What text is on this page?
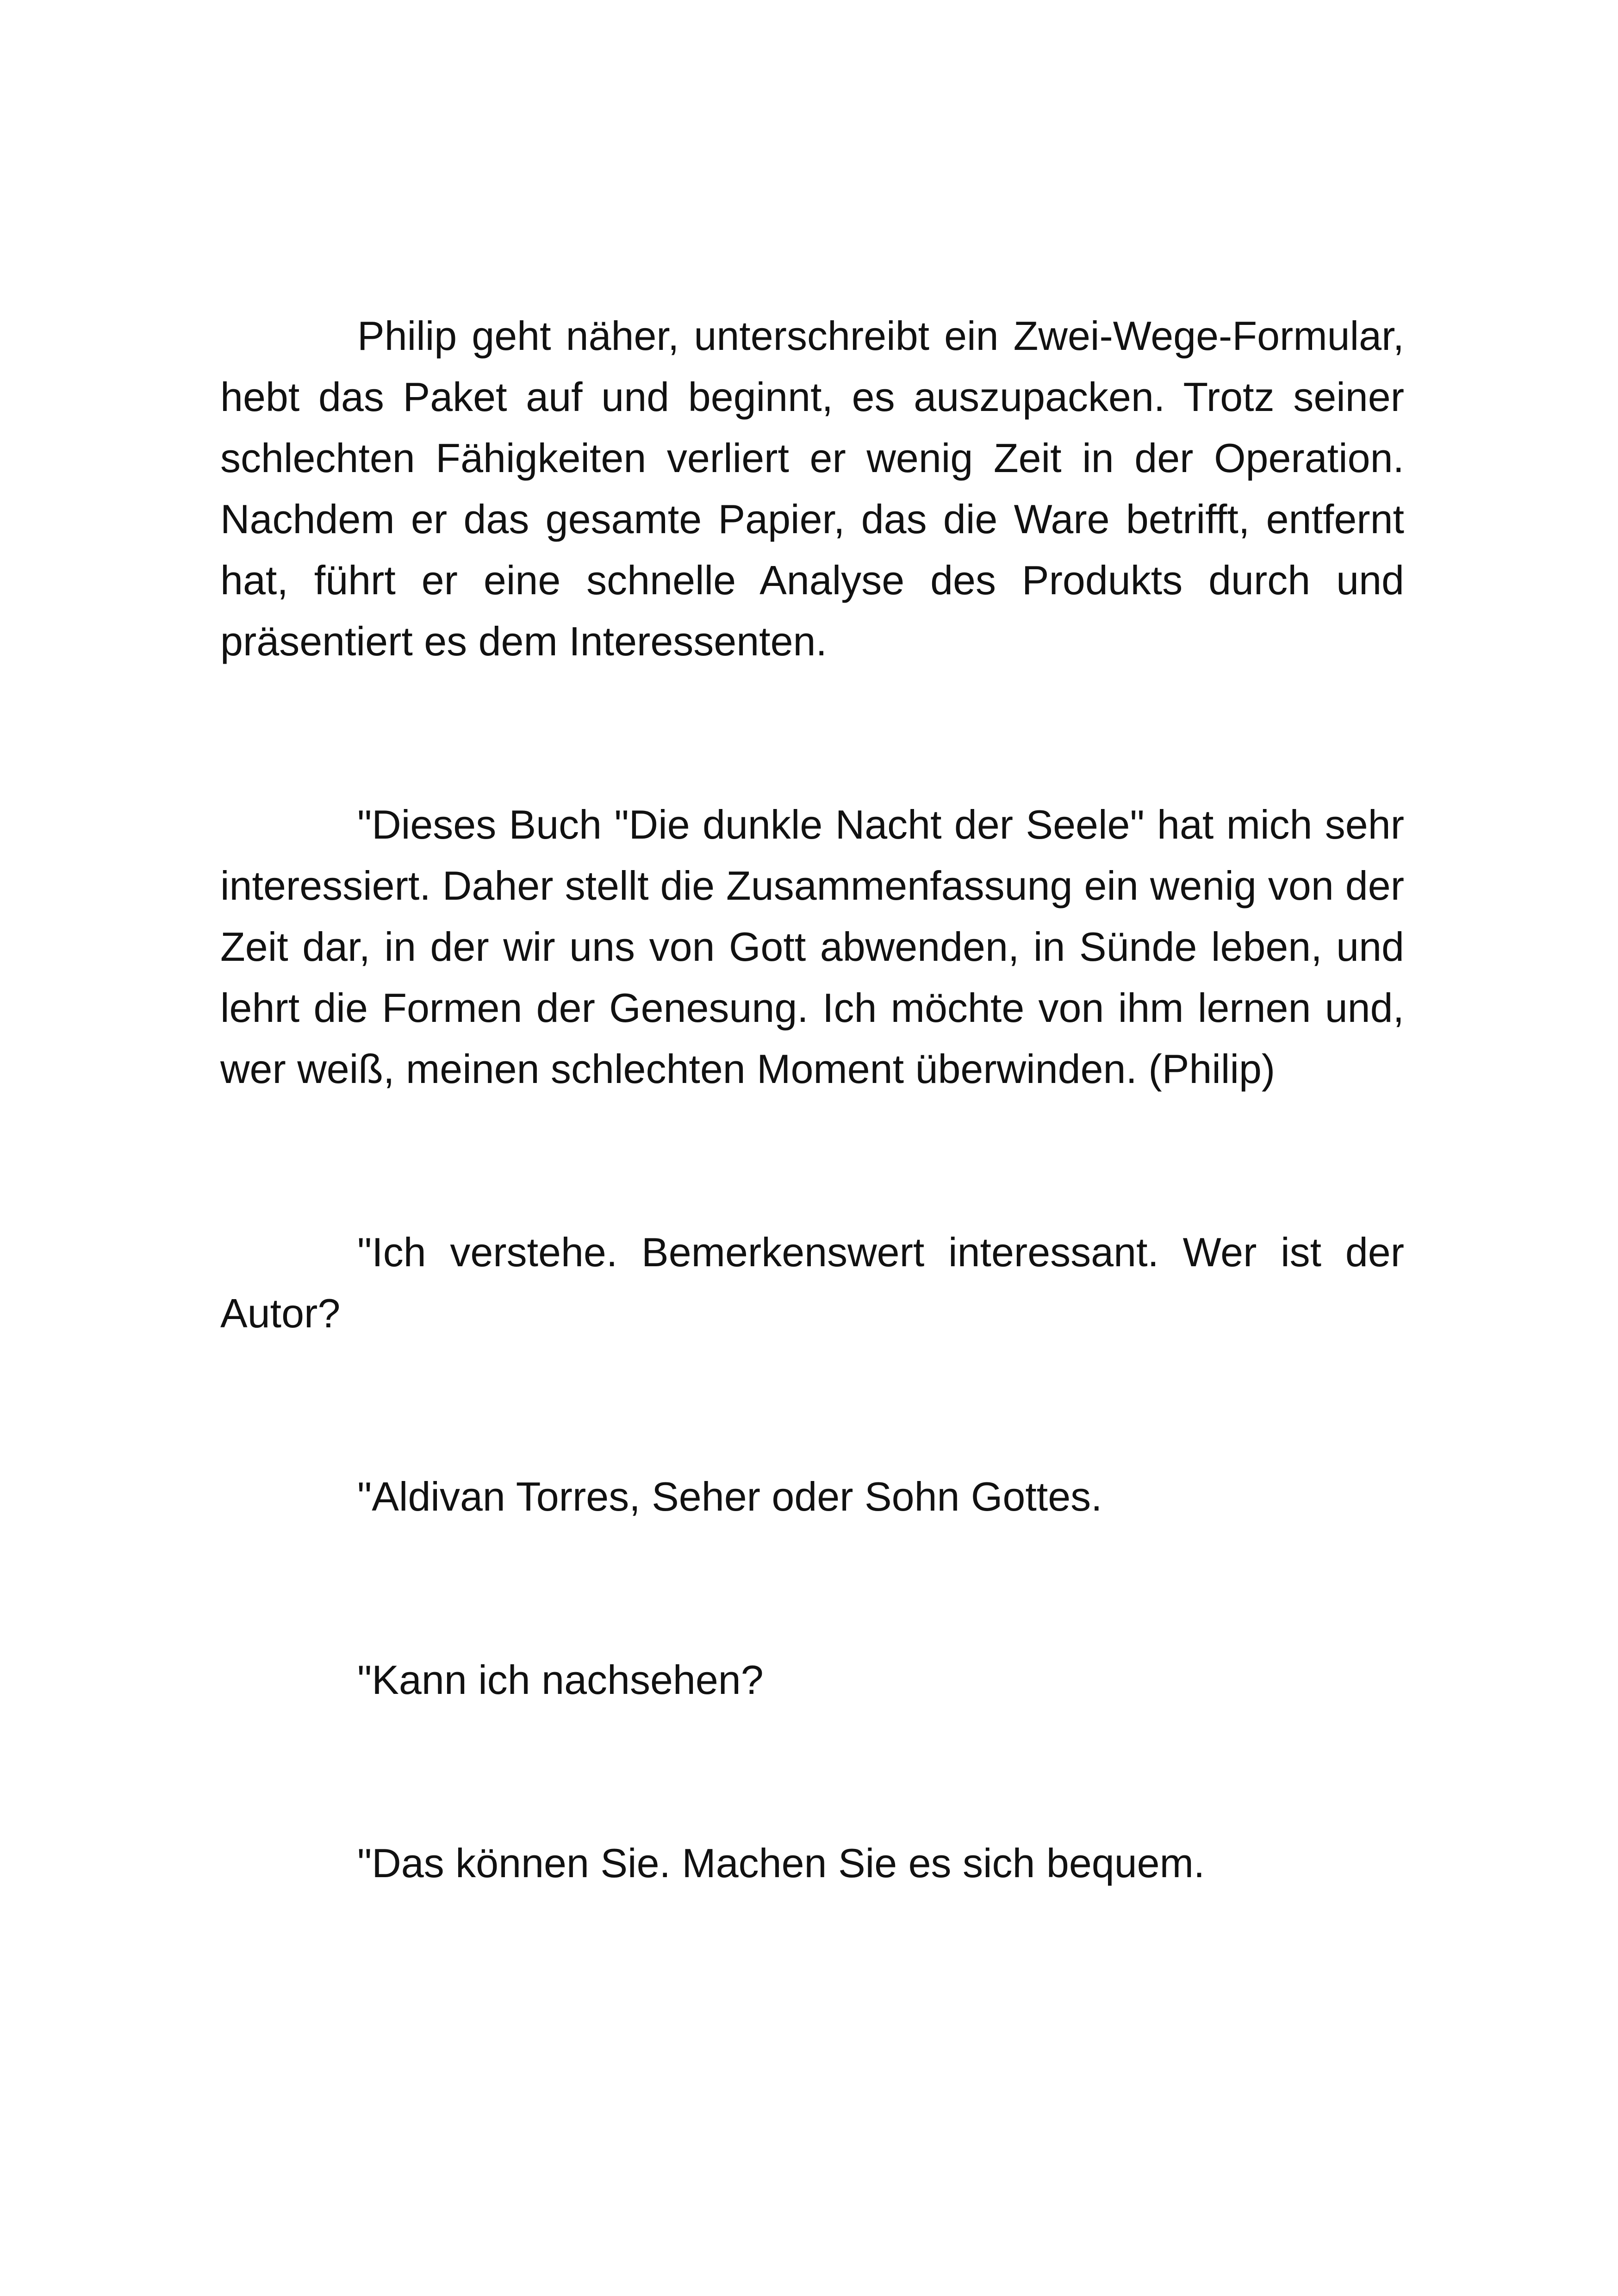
Philip geht näher, unterschreibt ein Zwei-Wege-Formular, hebt das Paket auf und beginnt, es auszupacken. Trotz seiner schlechten Fähigkeiten verliert er wenig Zeit in der Operation. Nachdem er das gesamte Papier, das die Ware betrifft, entfernt hat, führt er eine schnelle Analyse des Produkts durch und präsentiert es dem Interessenten.

"Dieses Buch "Die dunkle Nacht der Seele" hat mich sehr interessiert. Daher stellt die Zusammenfassung ein wenig von der Zeit dar, in der wir uns von Gott abwenden, in Sünde leben, und lehrt die Formen der Genesung. Ich möchte von ihm lernen und, wer weiß, meinen schlechten Moment überwinden. (Philip)

"Ich verstehe. Bemerkenswert interessant. Wer ist der Autor?

"Aldivan Torres, Seher oder Sohn Gottes.

"Kann ich nachsehen?

"Das können Sie. Machen Sie es sich bequem.
